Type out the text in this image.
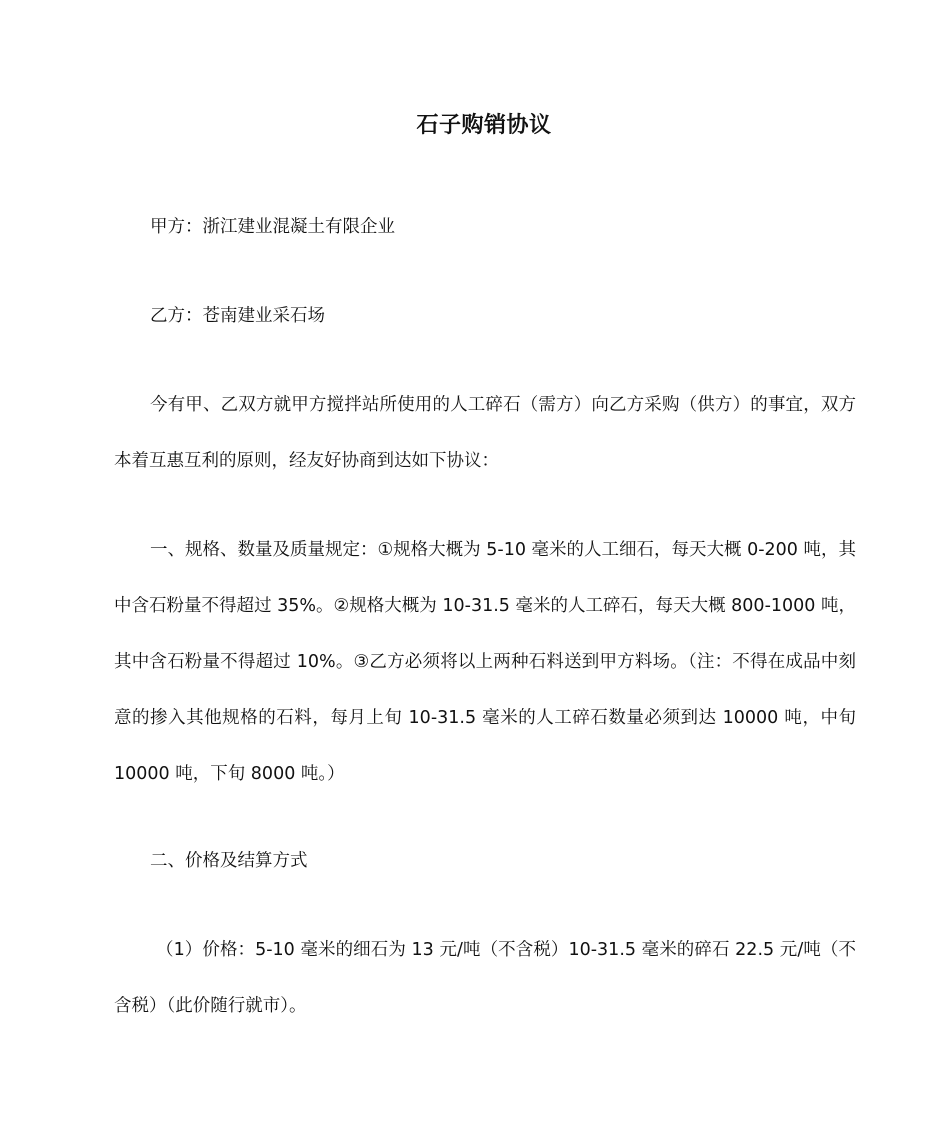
石子购销协议
甲方：浙江建业混凝土有限企业
乙方：苍南建业采石场
今有甲、乙双方就甲方搅拌站所使用的人工碎石（需方）向乙方采购（供方）的事宜，双方本着互惠互利的原则，经友好协商到达如下协议：
一、规格、数量及质量规定：①规格大概为 5-10 毫米的人工细石，每天大概 0-200 吨，其中含石粉量不得超过 35%。②规格大概为 10-31.5 毫米的人工碎石，每天大概 800-1000 吨，其中含石粉量不得超过 10%。③乙方必须将以上两种石料送到甲方料场。（注：不得在成品中刻意的掺入其他规格的石料，每月上旬 10-31.5 毫米的人工碎石数量必须到达 10000 吨，中旬 10000 吨，下旬 8000 吨。）
二、价格及结算方式
（1）价格：5-10 毫米的细石为 13 元/吨（不含税）10-31.5 毫米的碎石 22.5 元/吨（不含税）（此价随行就市）。
